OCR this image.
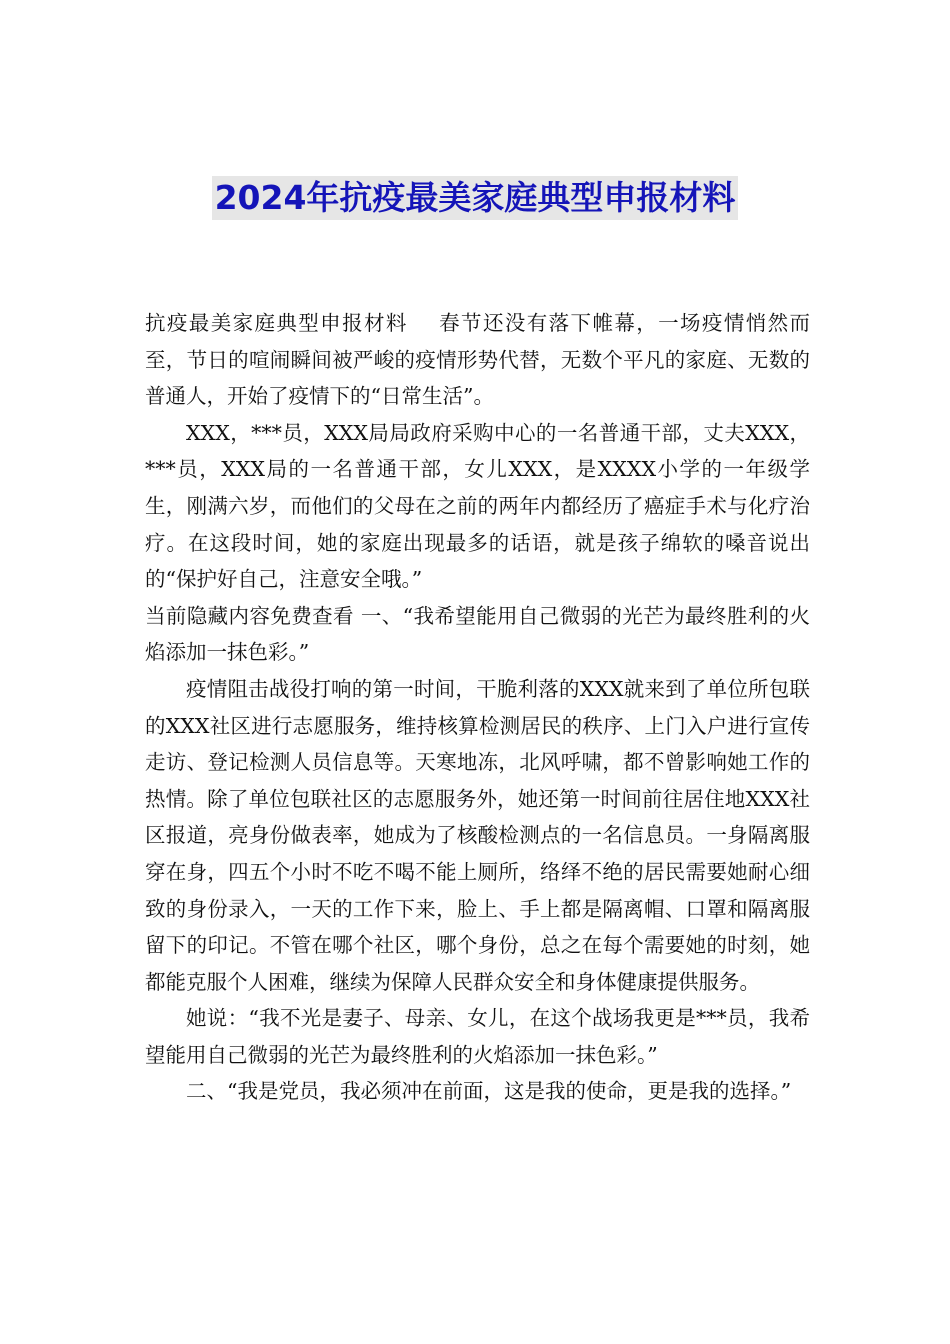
2024年抗疫最美家庭典型申报材料

抗疫最美家庭典型申报材料 春节还没有落下帷幕，一场疫情悄然而至，节日的喧闹瞬间被严峻的疫情形势代替，无数个平凡的家庭、无数的普通人，开始了疫情下的“日常生活”。

XXX，***员，XXX局局政府采购中心的一名普通干部，丈夫XXX，***员，XXX局的一名普通干部，女儿XXX，是XXXX小学的一年级学生，刚满六岁，而他们的父母在之前的两年内都经历了癌症手术与化疗治疗。在这段时间，她的家庭出现最多的话语，就是孩子绵软的嗓音说出的“保护好自己，注意安全哦。”

当前隐藏内容免费查看 一、“我希望能用自己微弱的光芒为最终胜利的火焰添加一抹色彩。”

疫情阻击战役打响的第一时间，干脆利落的XXX就来到了单位所包联的XXX社区进行志愿服务，维持核算检测居民的秩序、上门入户进行宣传走访、登记检测人员信息等。天寒地冻，北风呼啸，都不曾影响她工作的热情。除了单位包联社区的志愿服务外，她还第一时间前往居住地XXX社区报道，亮身份做表率，她成为了核酸检测点的一名信息员。一身隔离服穿在身，四五个小时不吃不喝不能上厕所，络绎不绝的居民需要她耐心细致的身份录入，一天的工作下来，脸上、手上都是隔离帽、口罩和隔离服留下的印记。不管在哪个社区，哪个身份，总之在每个需要她的时刻，她都能克服个人困难，继续为保障人民群众安全和身体健康提供服务。

她说：“我不光是妻子、母亲、女儿，在这个战场我更是***员，我希望能用自己微弱的光芒为最终胜利的火焰添加一抹色彩。”

二、“我是党员，我必须冲在前面，这是我的使命，更是我的选择。”
